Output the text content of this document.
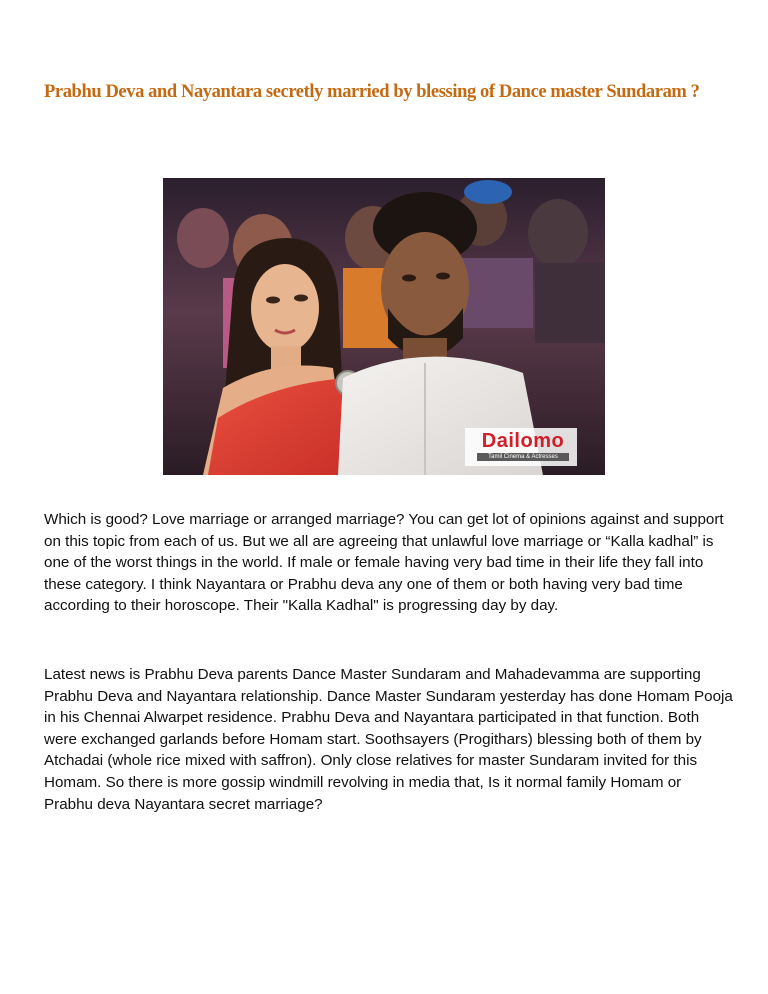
Prabhu Deva and Nayantara secretly married by blessing of Dance master Sundaram ?
Dailomo
Tamil Cinema & Actresses

Which is good? Love marriage or arranged marriage? You can get lot of opinions against and support on this topic from each of us. But we all are agreeing that unlawful love marriage or “Kalla kadhal” is one of the worst things in the world. If male or female having very bad time in their life they fall into these category. I think Nayantara or Prabhu deva any one of them or both having very bad time according to their horoscope. Their "Kalla Kadhal" is progressing day by day.

Latest news is Prabhu Deva parents Dance Master Sundaram and Mahadevamma are supporting Prabhu Deva and Nayantara relationship. Dance Master Sundaram yesterday has done Homam Pooja in his Chennai Alwarpet residence. Prabhu Deva and Nayantara participated in that function. Both were exchanged garlands before Homam start. Soothsayers (Progithars) blessing both of them by Atchadai (whole rice mixed with saffron). Only close relatives for master Sundaram invited for this Homam. So there is more gossip windmill revolving in media that, Is it normal family Homam or Prabhu deva Nayantara secret marriage?
